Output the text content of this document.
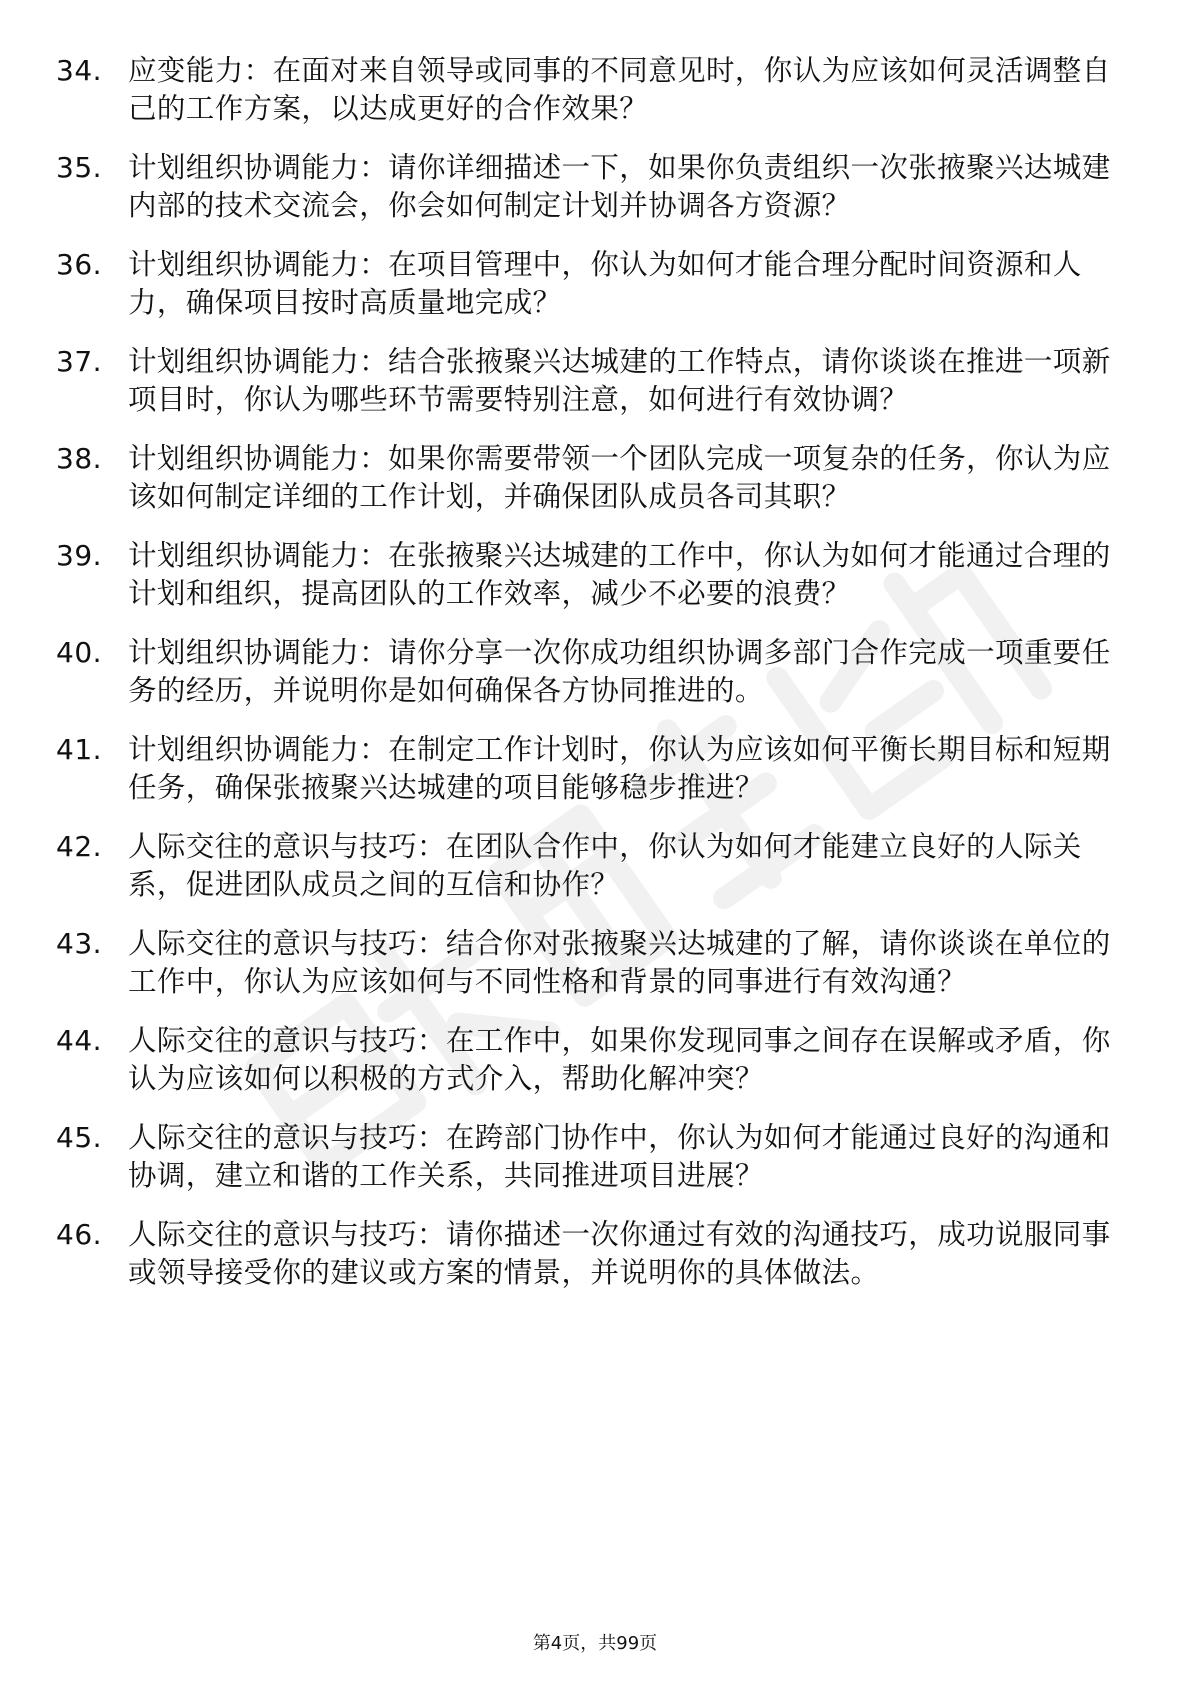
34. 应变能力：在面对来自领导或同事的不同意见时，你认为应该如何灵活调整自己的工作方案，以达成更好的合作效果？
35. 计划组织协调能力：请你详细描述一下，如果你负责组织一次张掖聚兴达城建内部的技术交流会，你会如何制定计划并协调各方资源？
36. 计划组织协调能力：在项目管理中，你认为如何才能合理分配时间资源和人力，确保项目按时高质量地完成？
37. 计划组织协调能力：结合张掖聚兴达城建的工作特点，请你谈谈在推进一项新项目时，你认为哪些环节需要特别注意，如何进行有效协调？
38. 计划组织协调能力：如果你需要带领一个团队完成一项复杂的任务，你认为应该如何制定详细的工作计划，并确保团队成员各司其职？
39. 计划组织协调能力：在张掖聚兴达城建的工作中，你认为如何才能通过合理的计划和组织，提高团队的工作效率，减少不必要的浪费？
40. 计划组织协调能力：请你分享一次你成功组织协调多部门合作完成一项重要任务的经历，并说明你是如何确保各方协同推进的。
41. 计划组织协调能力：在制定工作计划时，你认为应该如何平衡长期目标和短期任务，确保张掖聚兴达城建的项目能够稳步推进？
42. 人际交往的意识与技巧：在团队合作中，你认为如何才能建立良好的人际关系，促进团队成员之间的互信和协作？
43. 人际交往的意识与技巧：结合你对张掖聚兴达城建的了解，请你谈谈在单位的工作中，你认为应该如何与不同性格和背景的同事进行有效沟通？
44. 人际交往的意识与技巧：在工作中，如果你发现同事之间存在误解或矛盾，你认为应该如何以积极的方式介入，帮助化解冲突？
45. 人际交往的意识与技巧：在跨部门协作中，你认为如何才能通过良好的沟通和协调，建立和谐的工作关系，共同推进项目进展？
46. 人际交往的意识与技巧：请你描述一次你通过有效的沟通技巧，成功说服同事或领导接受你的建议或方案的情景，并说明你的具体做法。
第4页，共99页
